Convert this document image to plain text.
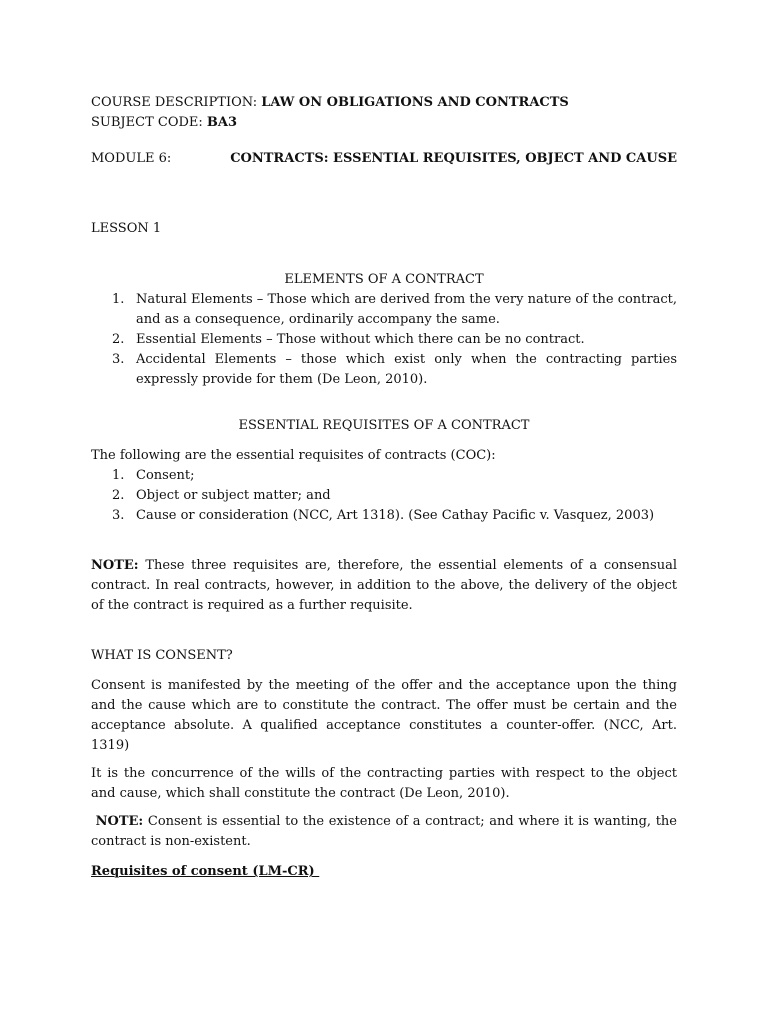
COURSE DESCRIPTION: LAW ON OBLIGATIONS AND CONTRACTS

SUBJECT CODE: BA3

MODULE 6:	CONTRACTS: ESSENTIAL REQUISITES, OBJECT AND CAUSE

LESSON 1

ELEMENTS OF A CONTRACT

1. Natural Elements – Those which are derived from the very nature of the contract, and as a consequence, ordinarily accompany the same.
2. Essential Elements – Those without which there can be no contract.
3. Accidental Elements – those which exist only when the contracting parties expressly provide for them (De Leon, 2010).

ESSENTIAL REQUISITES OF A CONTRACT

The following are the essential requisites of contracts (COC):

1. Consent;
2. Object or subject matter; and
3. Cause or consideration (NCC, Art 1318). (See Cathay Pacific v. Vasquez, 2003)

NOTE: These three requisites are, therefore, the essential elements of a consensual contract. In real contracts, however, in addition to the above, the delivery of the object of the contract is required as a further requisite.

WHAT IS CONSENT?

Consent is manifested by the meeting of the offer and the acceptance upon the thing and the cause which are to constitute the contract. The offer must be certain and the acceptance absolute. A qualified acceptance constitutes a counter-offer. (NCC, Art. 1319)

It is the concurrence of the wills of the contracting parties with respect to the object and cause, which shall constitute the contract (De Leon, 2010).

NOTE: Consent is essential to the existence of a contract; and where it is wanting, the contract is non-existent.

Requisites of consent (LM-CR)
